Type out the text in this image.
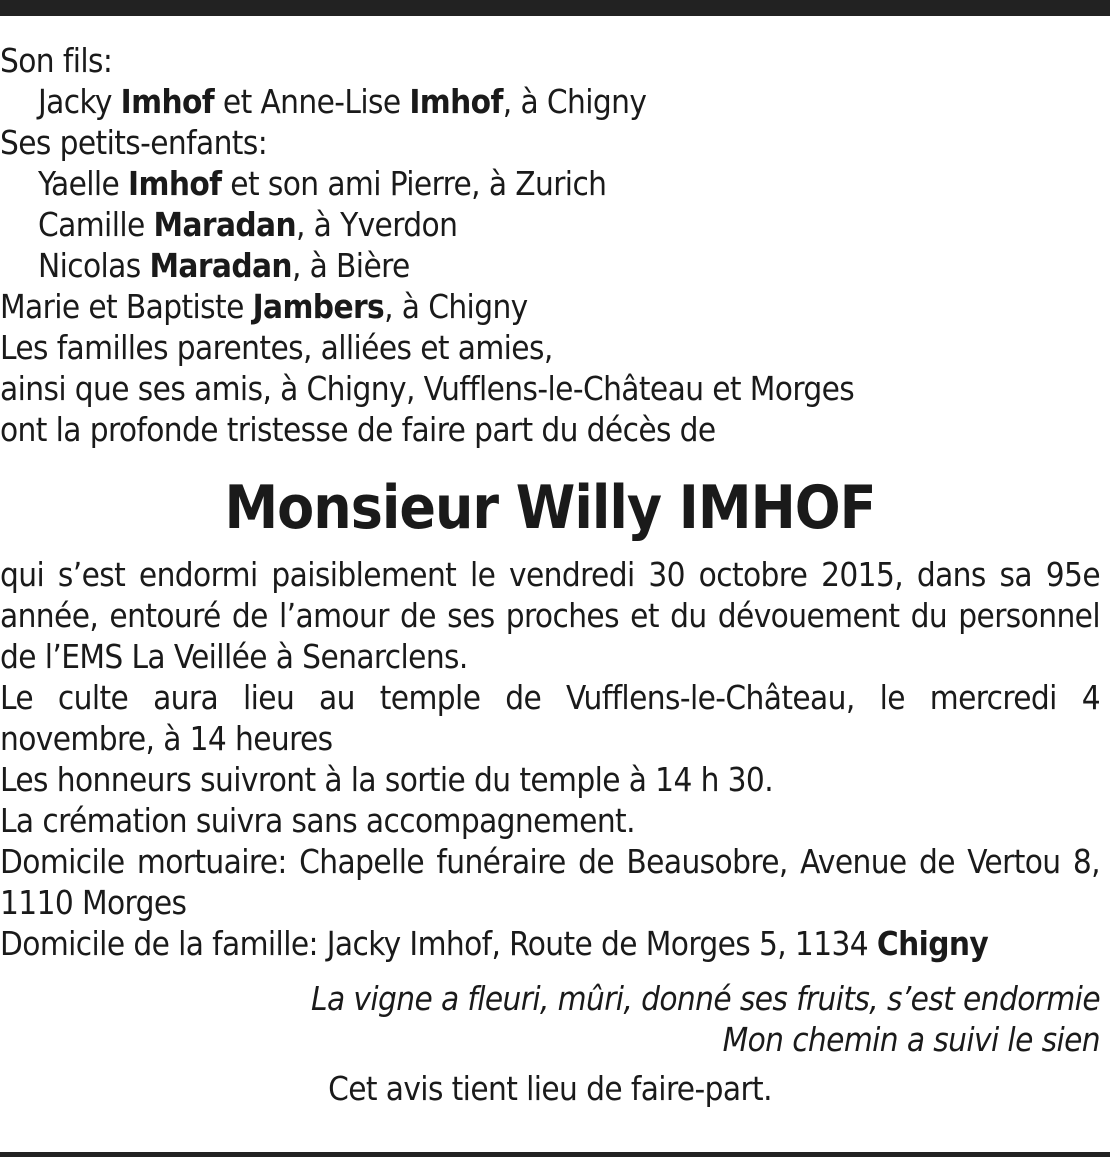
Son fils:
Jacky Imhof et Anne-Lise Imhof, à Chigny
Ses petits-enfants:
Yaelle Imhof et son ami Pierre, à Zurich
Camille Maradan, à Yverdon
Nicolas Maradan, à Bière
Marie et Baptiste Jambers, à Chigny
Les familles parentes, alliées et amies,
ainsi que ses amis, à Chigny, Vufflens-le-Château et Morges
ont la profonde tristesse de faire part du décès de
Monsieur Willy IMHOF
qui s’est endormi paisiblement le vendredi 30 octobre 2015, dans sa 95e année, entouré de l’amour de ses proches et du dévouement du personnel de l’EMS La Veillée à Senarclens.
Le culte aura lieu au temple de Vufflens-le-Château, le mercredi 4 novembre, à 14 heures
Les honneurs suivront à la sortie du temple à 14 h 30.
La crémation suivra sans accompagnement.
Domicile mortuaire: Chapelle funéraire de Beausobre, Avenue de Vertou 8, 1110 Morges
Domicile de la famille: Jacky Imhof, Route de Morges 5, 1134 Chigny
La vigne a fleuri, mûri, donné ses fruits, s’est endormie
Mon chemin a suivi le sien
Cet avis tient lieu de faire-part.
